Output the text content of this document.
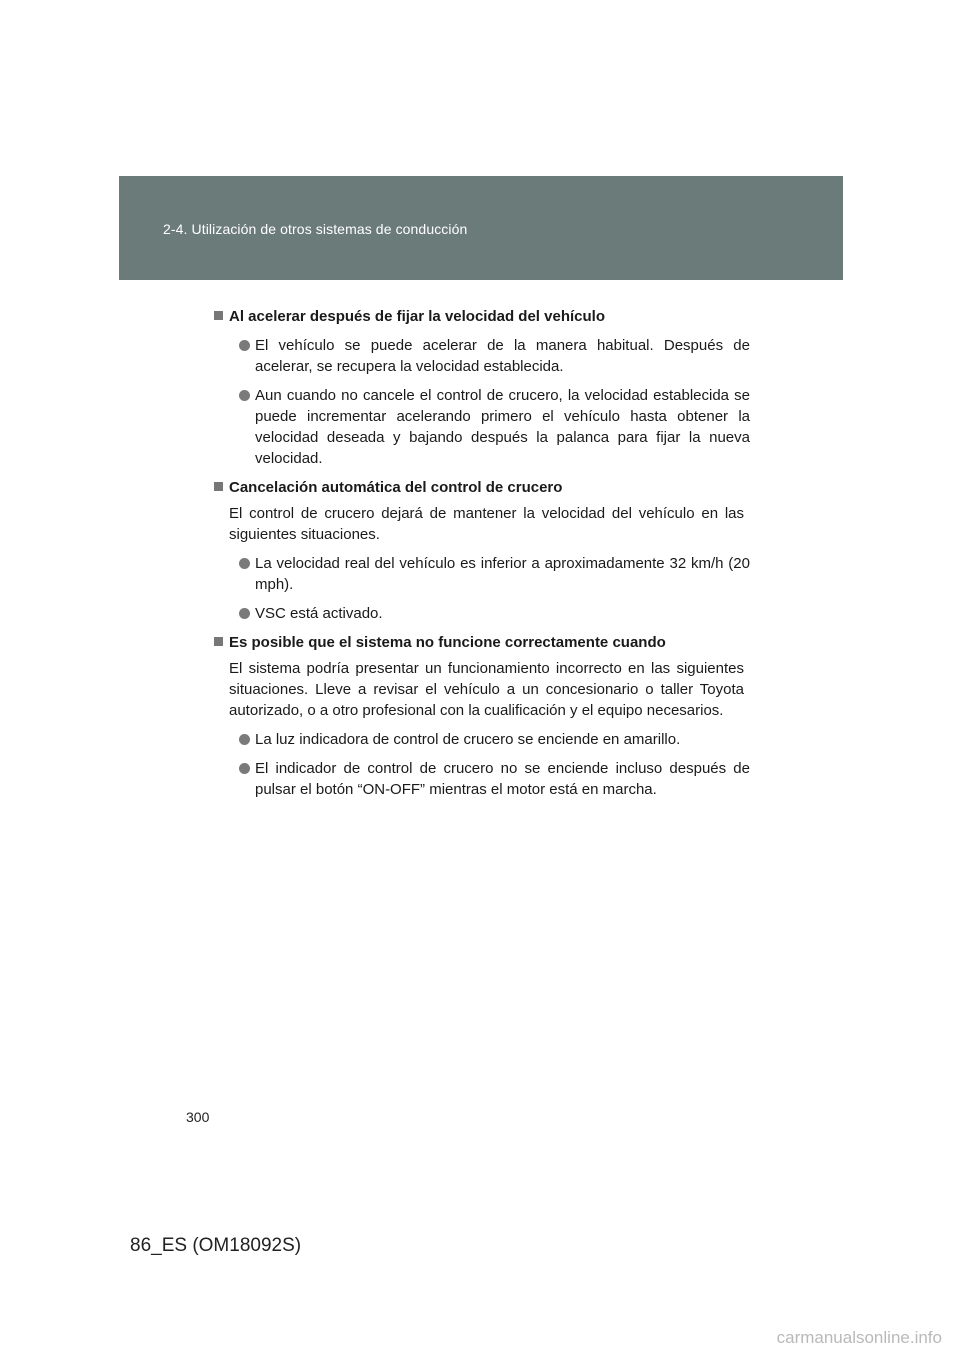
2-4. Utilización de otros sistemas de conducción
Al acelerar después de fijar la velocidad del vehículo
El vehículo se puede acelerar de la manera habitual. Después de acelerar, se recupera la velocidad establecida.
Aun cuando no cancele el control de crucero, la velocidad establecida se puede incrementar acelerando primero el vehículo hasta obtener la velocidad deseada y bajando después la palanca para fijar la nueva velocidad.
Cancelación automática del control de crucero
El control de crucero dejará de mantener la velocidad del vehículo en las siguientes situaciones.
La velocidad real del vehículo es inferior a aproximadamente 32 km/h (20 mph).
VSC está activado.
Es posible que el sistema no funcione correctamente cuando
El sistema podría presentar un funcionamiento incorrecto en las siguientes situaciones. Lleve a revisar el vehículo a un concesionario o taller Toyota autorizado, o a otro profesional con la cualificación y el equipo necesarios.
La luz indicadora de control de crucero se enciende en amarillo.
El indicador de control de crucero no se enciende incluso después de pulsar el botón “ON-OFF” mientras el motor está en marcha.
300
86_ES (OM18092S)
carmanualsonline.info
